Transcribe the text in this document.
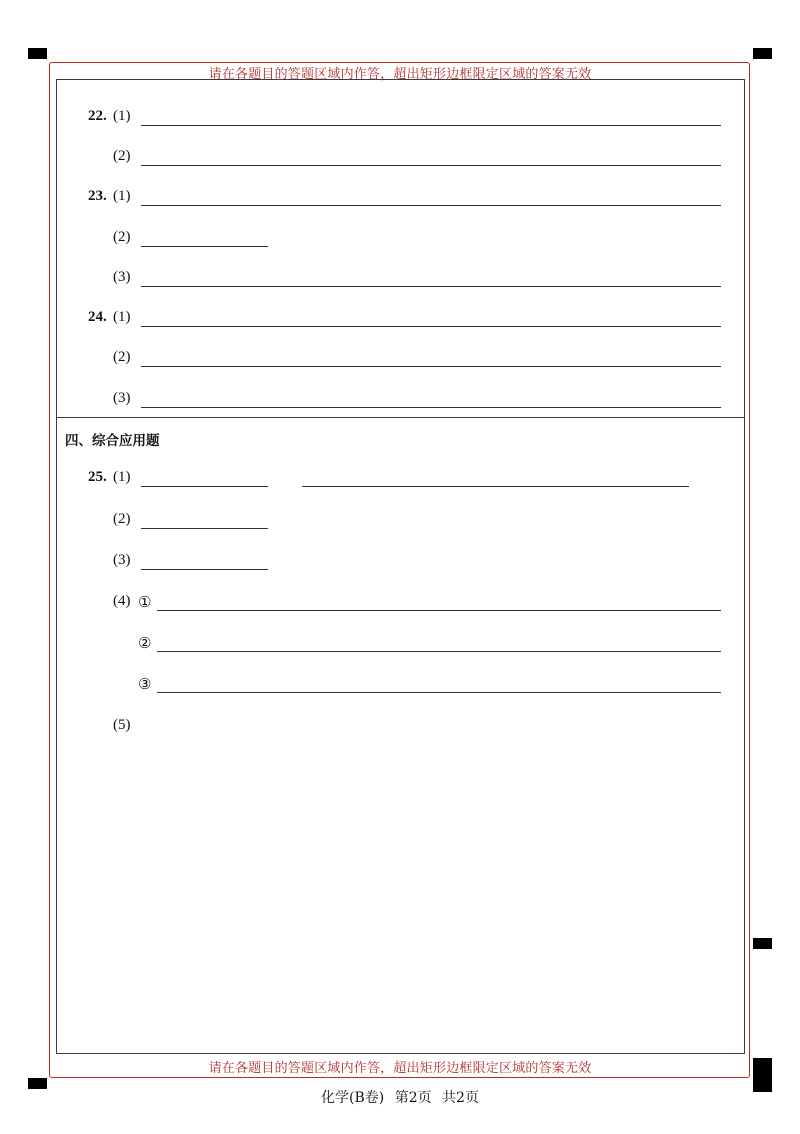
请在各题目的答题区域内作答，超出矩形边框限定区域的答案无效
请在各题目的答题区域内作答，超出矩形边框限定区域的答案无效
22. (1)
(2)
23. (1)
(2)
(3)
24. (1)
(2)
(3)
四、综合应用题
25. (1)
(2)
(3)
(4) ①
②
③
(5)
化学(B卷) 第2页 共2页
